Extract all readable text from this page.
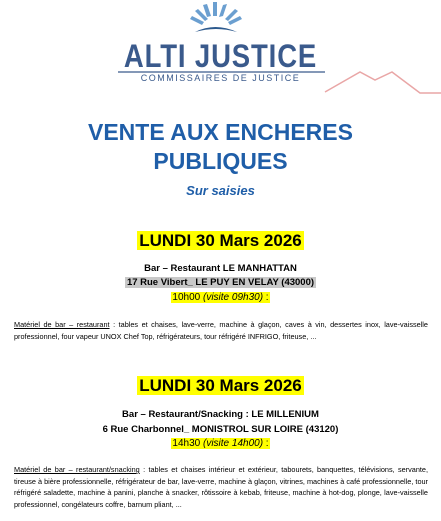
ALTI JUSTICE
COMMISSAIRES DE JUSTICE
VENTE AUX ENCHERES
PUBLIQUES
Sur saisies
LUNDI 30 Mars 2026
Bar – Restaurant LE MANHATTAN
17 Rue Vibert_ LE PUY EN VELAY (43000)
10h00 (visite 09h30) :
Matériel de bar – restaurant : tables et chaises, lave-verre, machine à glaçon, caves à vin, dessertes inox, lave-vaisselle professionnel, four vapeur UNOX Chef Top, réfrigérateurs, tour réfrigéré INFRIGO, friteuse, ...
LUNDI 30 Mars 2026
Bar – Restaurant/Snacking : LE MILLENIUM
6 Rue Charbonnel_ MONISTROL SUR LOIRE (43120)
14h30 (visite 14h00) :
Matériel de bar – restaurant/snacking : tables et chaises intérieur et extérieur, tabourets, banquettes, télévisions, servante, tireuse à bière professionnelle, réfrigérateur de bar, lave-verre, machine à glaçon, vitrines, machines à café professionnelle, tour réfrigéré saladette, machine à panini, planche à snacker, rôtissoire à kebab, friteuse, machine à hot-dog, plonge, lave-vaisselle professionnel, congélateurs coffre, barnum pliant, ...
